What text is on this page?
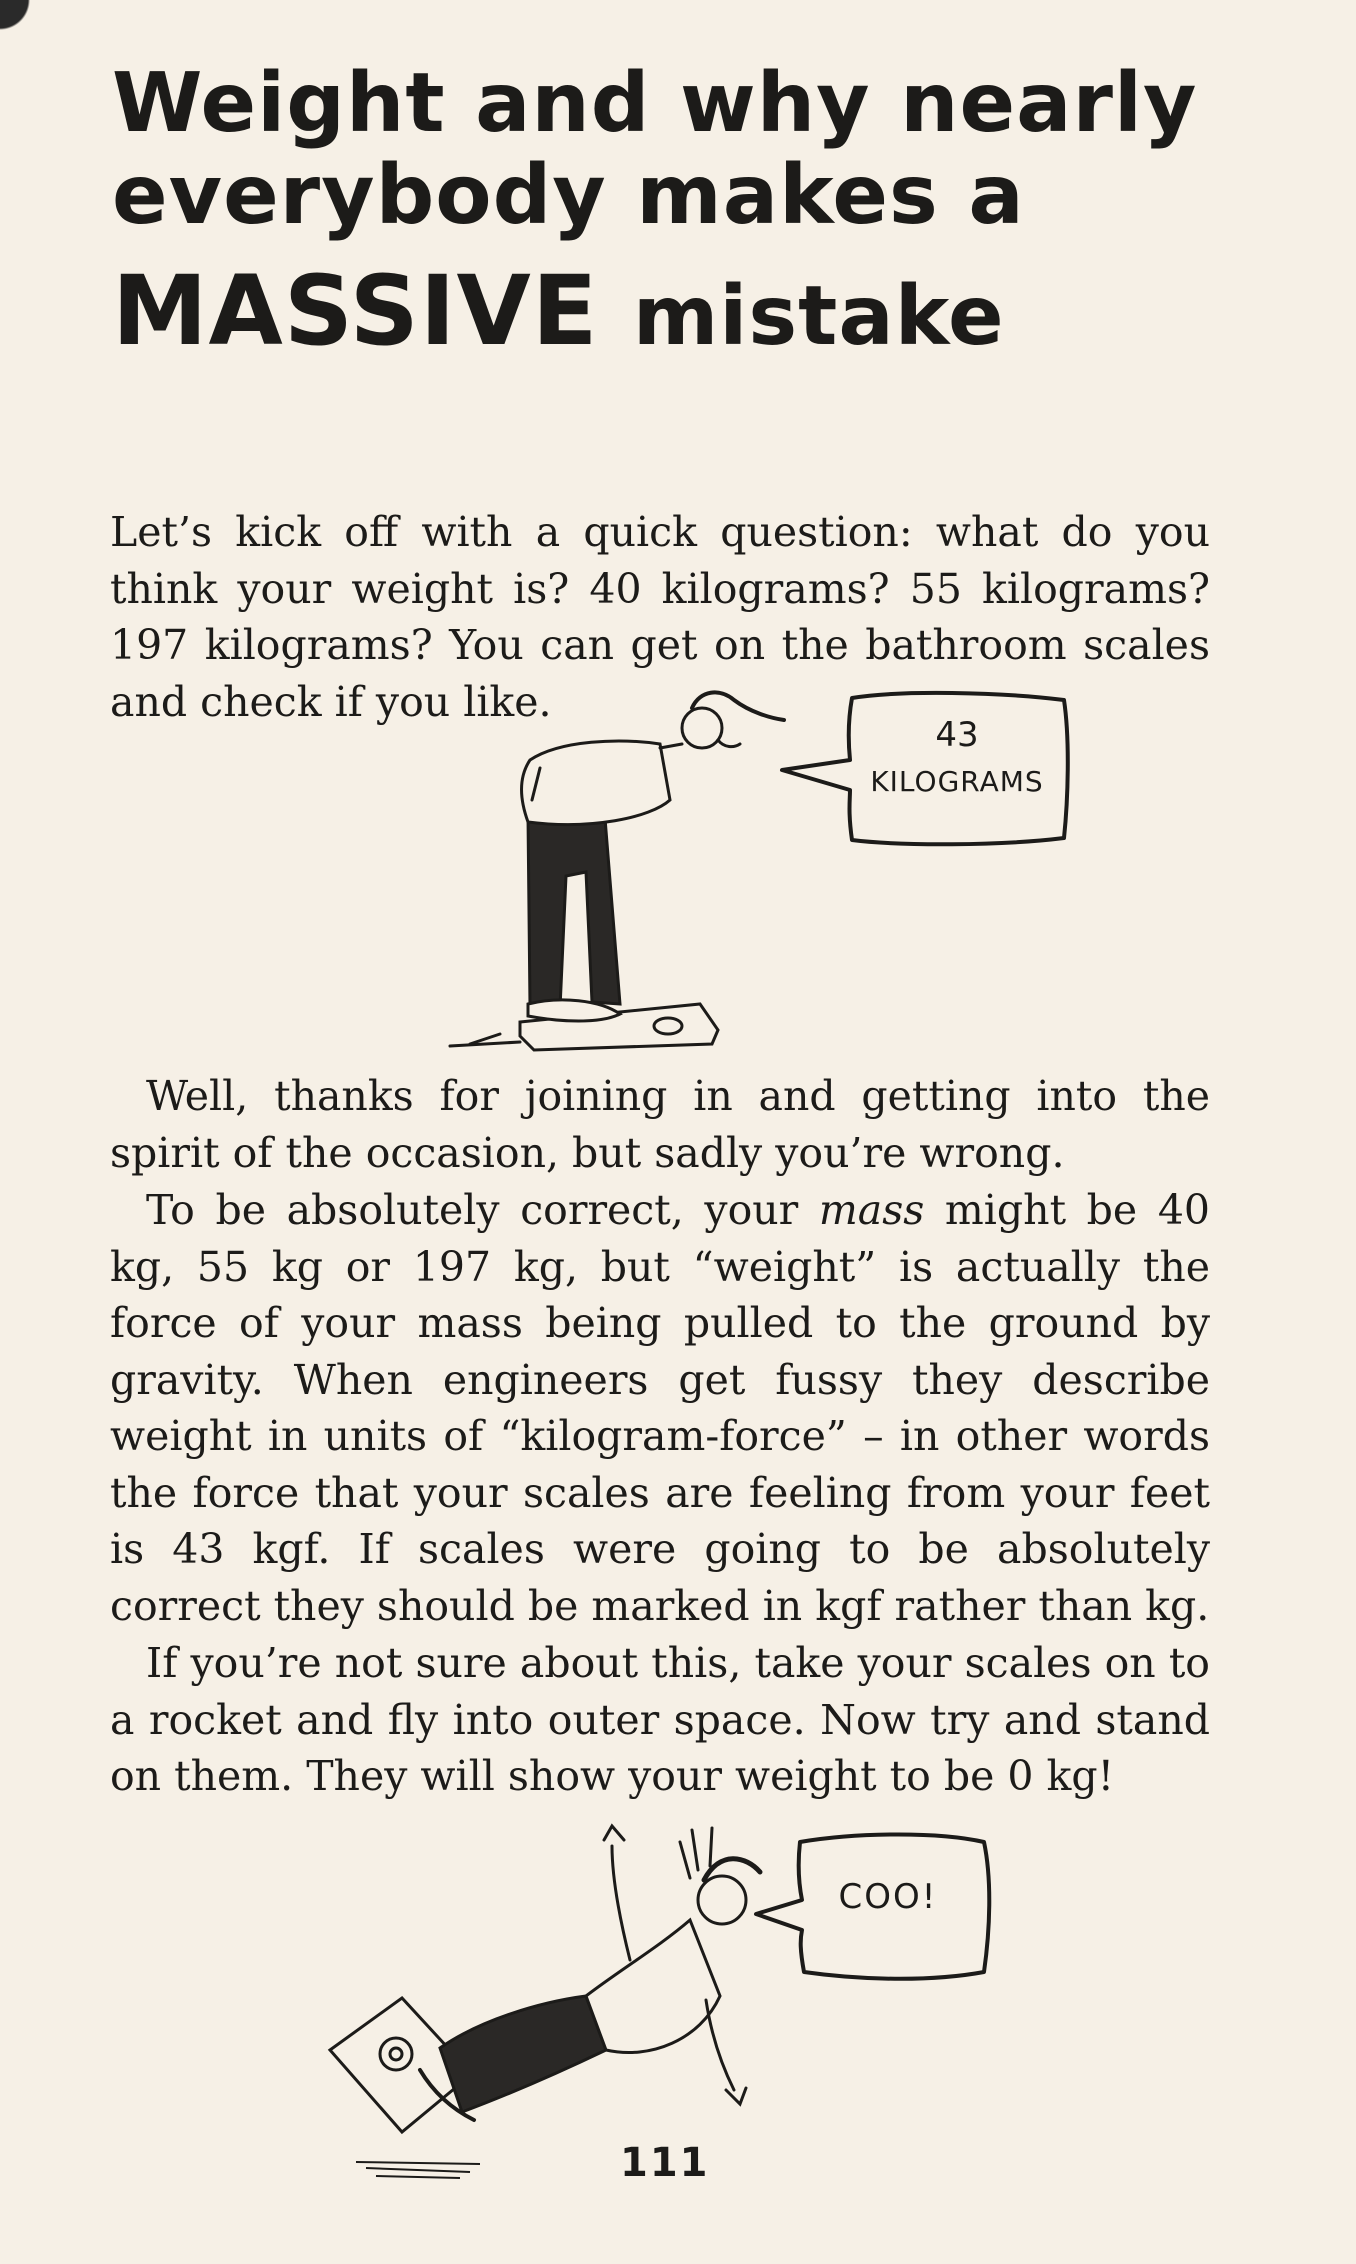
Weight and why nearly
everybody makes a
MASSIVE mistake

Let’s kick off with a quick question: what do you think your weight is? 40 kilograms? 55 kilograms? 197 kilograms? You can get on the bathroom scales and check if you like.

43
KILOGRAMS

Well, thanks for joining in and getting into the spirit of the occasion, but sadly you’re wrong.

To be absolutely correct, your mass might be 40 kg, 55 kg or 197 kg, but “weight” is actually the force of your mass being pulled to the ground by gravity. When engineers get fussy they describe weight in units of “kilogram-force” – in other words the force that your scales are feeling from your feet is 43 kgf. If scales were going to be absolutely correct they should be marked in kgf rather than kg.

If you’re not sure about this, take your scales on to a rocket and fly into outer space. Now try and stand on them. They will show your weight to be 0 kg!

COO!
111
